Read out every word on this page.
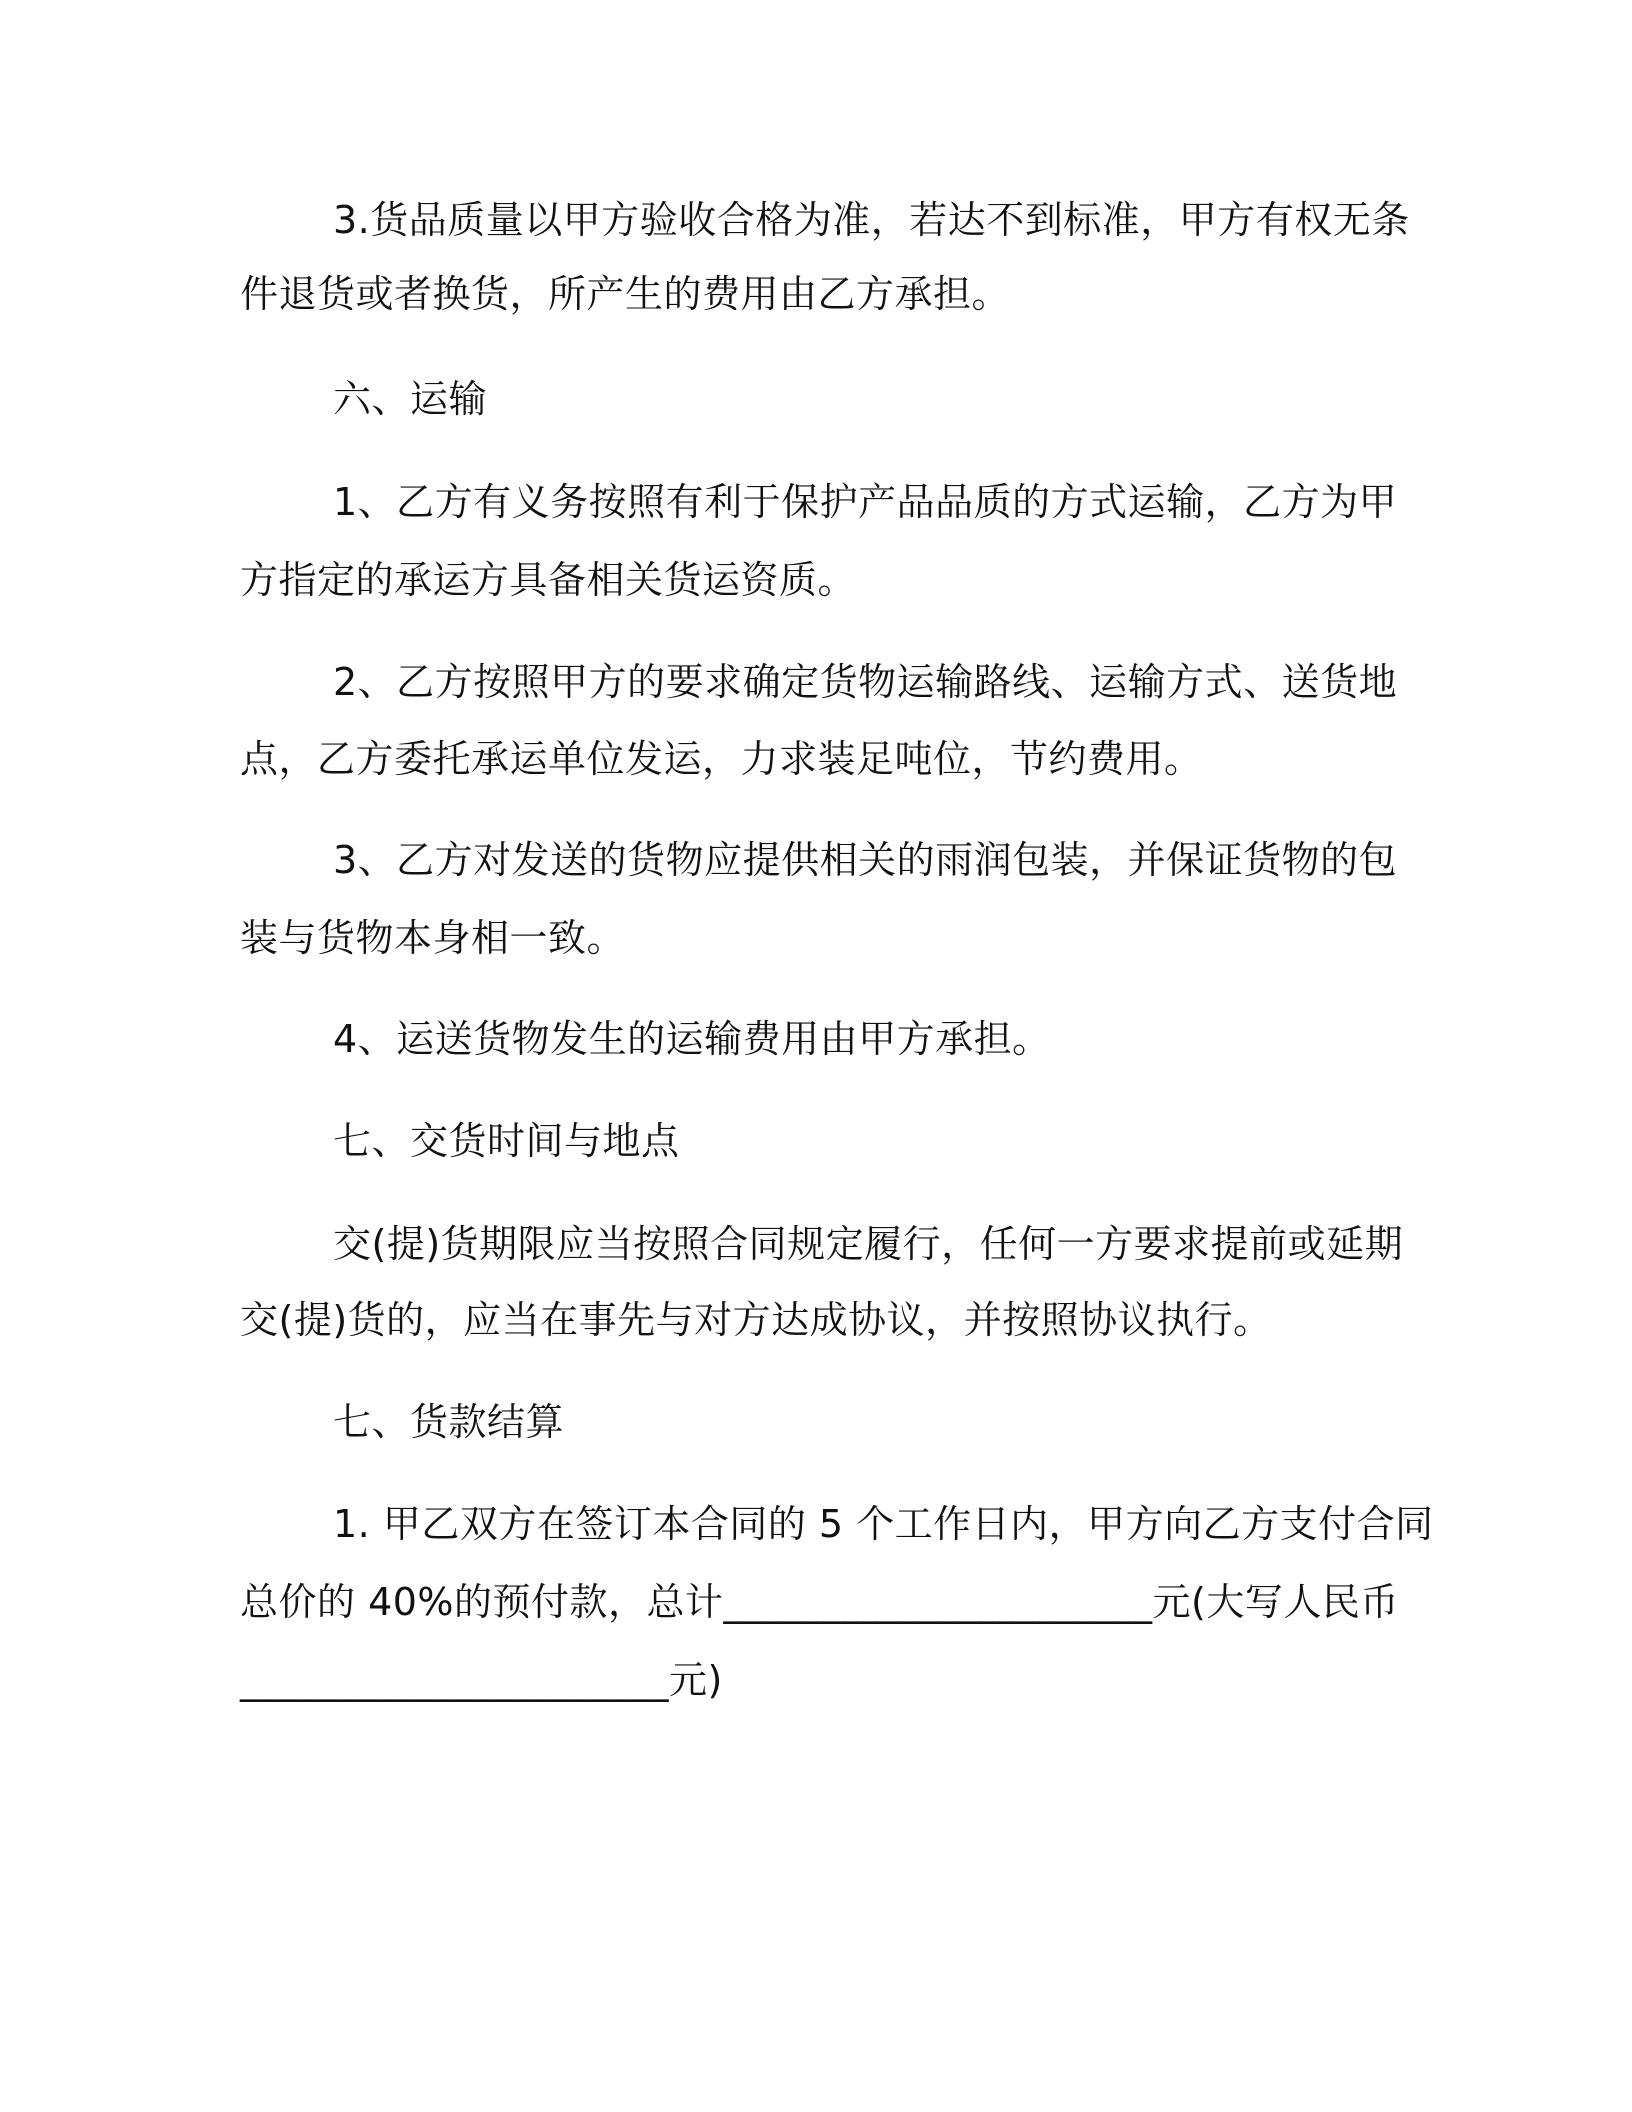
3.货品质量以甲方验收合格为准，若达不到标准，甲方有权无条
件退货或者换货，所产生的费用由乙方承担。
六、运输
1、乙方有义务按照有利于保护产品品质的方式运输，乙方为甲
方指定的承运方具备相关货运资质。
2、乙方按照甲方的要求确定货物运输路线、运输方式、送货地
点，乙方委托承运单位发运，力求装足吨位，节约费用。
3、乙方对发送的货物应提供相关的雨润包装，并保证货物的包
装与货物本身相一致。
4、运送货物发生的运输费用由甲方承担。
七、交货时间与地点
交(提)货期限应当按照合同规定履行，任何一方要求提前或延期
交(提)货的，应当在事先与对方达成协议，并按照协议执行。
七、货款结算
1. 甲乙双方在签订本合同的 5 个工作日内，甲方向乙方支付合同
总价的 40%的预付款，总计______________________元(大写人民币
______________________元)
